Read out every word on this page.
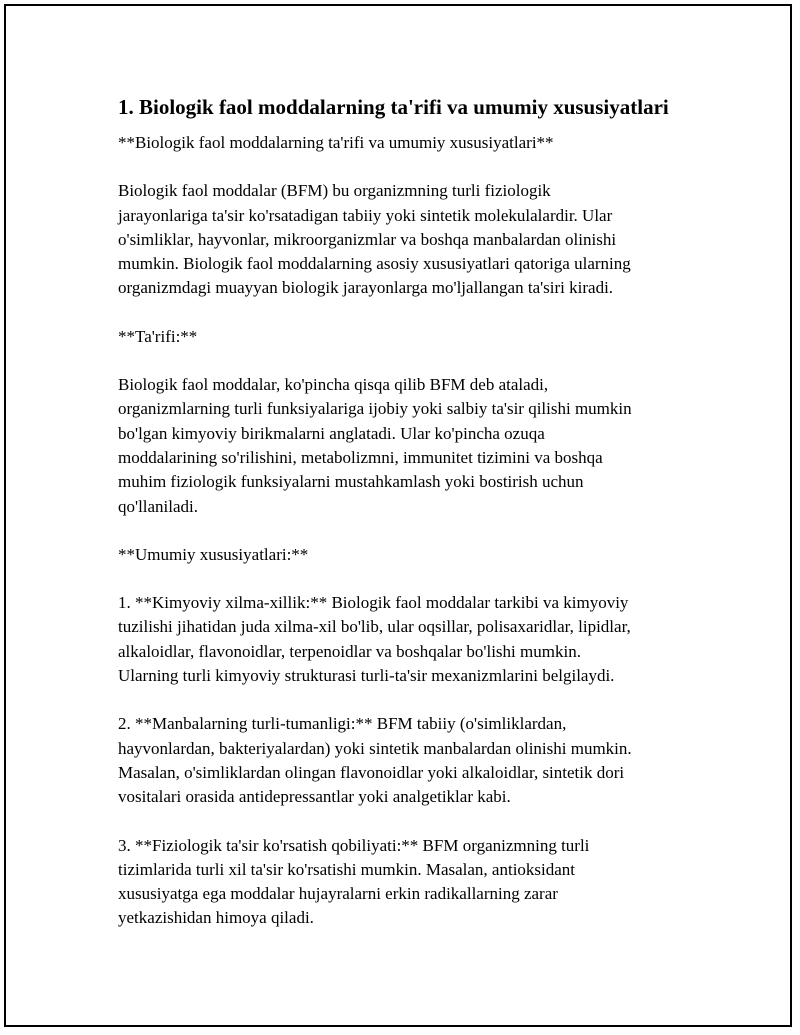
1. Biologik faol moddalarning ta'rifi va umumiy xususiyatlari

**Biologik faol moddalarning ta'rifi va umumiy xususiyatlari**

Biologik faol moddalar (BFM) bu organizmning turli fiziologik
jarayonlariga ta'sir ko'rsatadigan tabiiy yoki sintetik molekulalardir. Ular
o'simliklar, hayvonlar, mikroorganizmlar va boshqa manbalardan olinishi
mumkin. Biologik faol moddalarning asosiy xususiyatlari qatoriga ularning
organizmdagi muayyan biologik jarayonlarga mo'ljallangan ta'siri kiradi.

**Ta'rifi:**

Biologik faol moddalar, ko'pincha qisqa qilib BFM deb ataladi,
organizmlarning turli funksiyalariga ijobiy yoki salbiy ta'sir qilishi mumkin
bo'lgan kimyoviy birikmalarni anglatadi. Ular ko'pincha ozuqa
moddalarining so'rilishini, metabolizmni, immunitet tizimini va boshqa
muhim fiziologik funksiyalarni mustahkamlash yoki bostirish uchun
qo'llaniladi.

**Umumiy xususiyatlari:**

1. **Kimyoviy xilma-xillik:** Biologik faol moddalar tarkibi va kimyoviy
tuzilishi jihatidan juda xilma-xil bo'lib, ular oqsillar, polisaxaridlar, lipidlar,
alkaloidlar, flavonoidlar, terpenoidlar va boshqalar bo'lishi mumkin.
Ularning turli kimyoviy strukturasi turli-ta'sir mexanizmlarini belgilaydi.

2. **Manbalarning turli-tumanligi:** BFM tabiiy (o'simliklardan,
hayvonlardan, bakteriyalardan) yoki sintetik manbalardan olinishi mumkin.
Masalan, o'simliklardan olingan flavonoidlar yoki alkaloidlar, sintetik dori
vositalari orasida antidepressantlar yoki analgetiklar kabi.

3. **Fiziologik ta'sir ko'rsatish qobiliyati:** BFM organizmning turli
tizimlarida turli xil ta'sir ko'rsatishi mumkin. Masalan, antioksidant
xususiyatga ega moddalar hujayralarni erkin radikallarning zarar
yetkazishidan himoya qiladi.
